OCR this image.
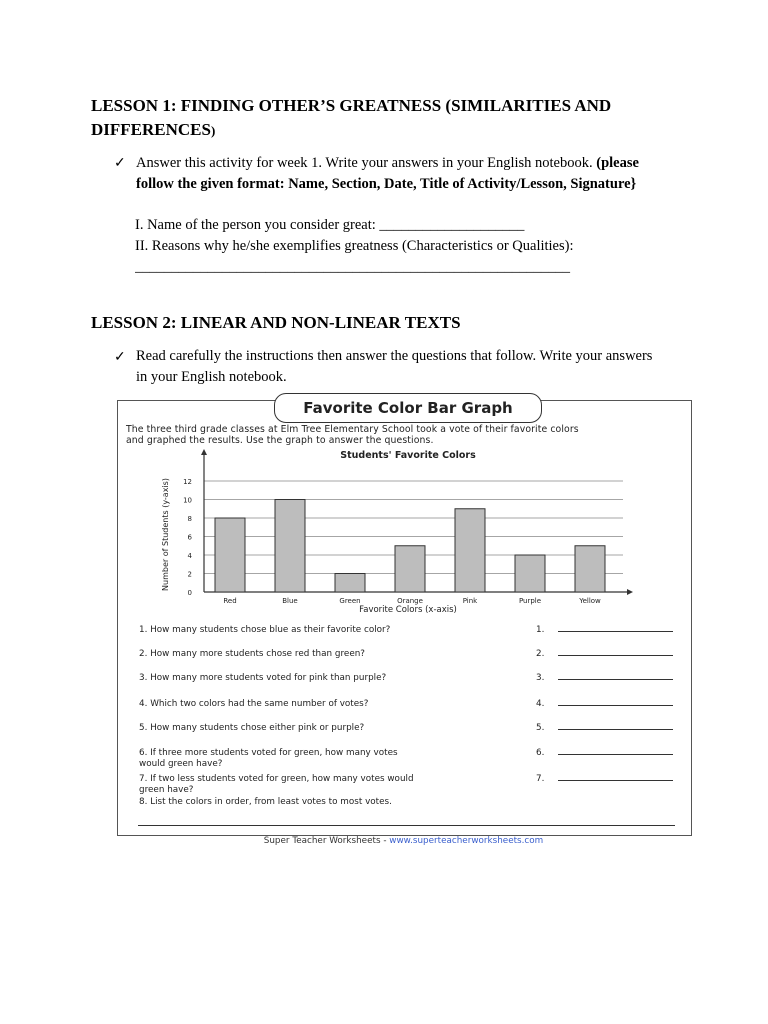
LESSON 1: FINDING OTHER’S GREATNESS (SIMILARITIES AND
DIFFERENCES)
✓ Answer this activity for week 1. Write your answers in your English notebook. (please
follow the given format: Name, Section, Date, Title of Activity/Lesson, Signature}
I. Name of the person you consider great: ____________________
II. Reasons why he/she exemplifies greatness (Characteristics or Qualities):
____________________________________________________________
LESSON 2: LINEAR AND NON-LINEAR TEXTS
✓ Read carefully the instructions then answer the questions that follow. Write your answers
in your English notebook.
Favorite Color Bar Graph
The three third grade classes at Elm Tree Elementary School took a vote of their favorite colors
and graphed the results. Use the graph to answer the questions.
Students' Favorite Colors
0
2
4
6
8
10
12
Number of Students (y-axis)
Red	Blue	Green	Orange	Pink	Purple	Yellow
Favorite Colors (x-axis)
1. How many students chose blue as their favorite color?	1.
2. How many more students chose red than green?	2.
3. How many more students voted for pink than purple?	3.
4. Which two colors had the same number of votes?	4.
5. How many students chose either pink or purple?	5.
6. If three more students voted for green, how many votes would green have?
6.
7. If two less students voted for green, how many votes would green have?
7.
8. List the colors in order, from least votes to most votes.
Super Teacher Worksheets - www.superteacherworksheets.com
